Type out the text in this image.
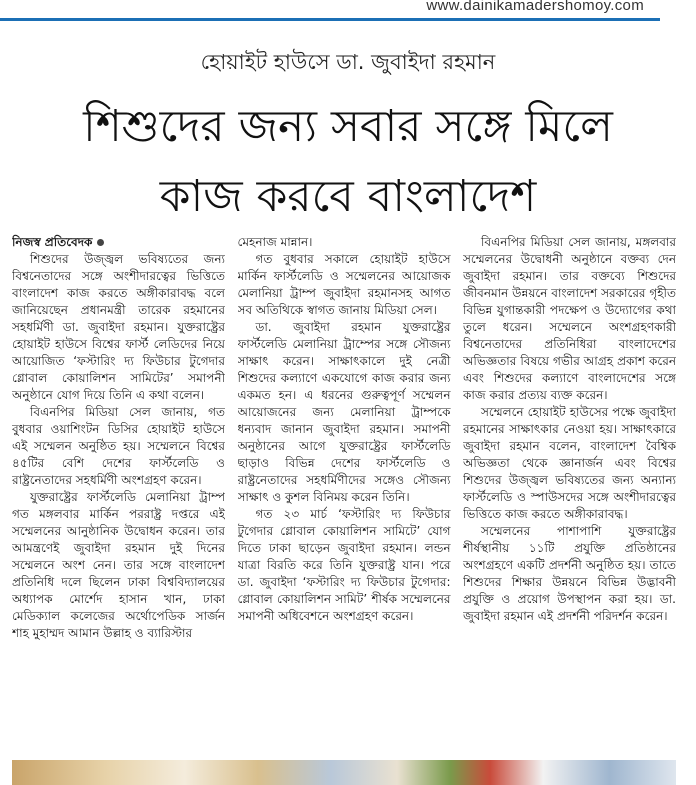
www.dainikamadershomoy.com
হোয়াইট হাউসে ডা. জুবাইদা রহমান
শিশুদের জন্য সবার সঙ্গে মিলে
কাজ করবে বাংলাদেশ
নিজস্ব প্রতিবেদক

শিশুদের উজ্জ্বল ভবিষ্যতের জন্য বিশ্বনেতাদের সঙ্গে অংশীদারত্বের ভিত্তিতে বাংলাদেশ কাজ করতে অঙ্গীকারাবদ্ধ বলে জানিয়েছেন প্রধানমন্ত্রী তারেক রহমানের সহধর্মিণী ডা. জুবাইদা রহমান। যুক্তরাষ্ট্রের হোয়াইট হাউসে বিশ্বের ফার্স্ট লেডিদের নিয়ে আয়োজিত ‘ফস্টারিং দ্য ফিউচার টুগেদার গ্লোবাল কোয়ালিশন সামিটের’ সমাপনী অনুষ্ঠানে যোগ দিয়ে তিনি এ কথা বলেন।

বিএনপির মিডিয়া সেল জানায়, গত বুধবার ওয়াশিংটন ডিসির হোয়াইট হাউসে এই সম্মেলন অনুষ্ঠিত হয়। সম্মেলনে বিশ্বের ৪৫টির বেশি দেশের ফার্স্টলেডি ও রাষ্ট্রনেতাদের সহধর্মিণী অংশগ্রহণ করেন।

যুক্তরাষ্ট্রের ফার্স্টলেডি মেলানিয়া ট্রাম্প গত মঙ্গলবার মার্কিন পররাষ্ট্র দপ্তরে এই সম্মেলনের আনুষ্ঠানিক উদ্বোধন করেন। তার আমন্ত্রণেই জুবাইদা রহমান দুই দিনের সম্মেলনে অংশ নেন। তার সঙ্গে বাংলাদেশ প্রতিনিধি দলে ছিলেন ঢাকা বিশ্ববিদ্যালয়ের অধ্যাপক মোর্শেদ হাসান খান, ঢাকা মেডিক্যাল কলেজের অর্থোপেডিক সার্জন শাহ মুহাম্মদ আমান উল্লাহ ও ব্যারিস্টার

মেহনাজ মান্নান।

গত বুধবার সকালে হোয়াইট হাউসে মার্কিন ফার্স্টলেডি ও সম্মেলনের আয়োজক মেলানিয়া ট্রাম্প জুবাইদা রহমানসহ আগত সব অতিথিকে স্বাগত জানায় মিডিয়া সেল।

ডা. জুবাইদা রহমান যুক্তরাষ্ট্রের ফার্স্টলেডি মেলানিয়া ট্রাম্পের সঙ্গে সৌজন্য সাক্ষাৎ করেন। সাক্ষাৎকালে দুই নেত্রী শিশুদের কল্যাণে একযোগে কাজ করার জন্য একমত হন। এ ধরনের গুরুত্বপূর্ণ সম্মেলন আয়োজনের জন্য মেলানিয়া ট্রাম্পকে ধন্যবাদ জানান জুবাইদা রহমান। সমাপনী অনুষ্ঠানের আগে যুক্তরাষ্ট্রের ফার্স্টলেডি ছাড়াও বিভিন্ন দেশের ফার্স্টলেডি ও রাষ্ট্রনেতাদের সহধর্মিণীদের সঙ্গেও সৌজন্য সাক্ষাৎ ও কুশল বিনিময় করেন তিনি।

গত ২৩ মার্চ ‘ফস্টারিং দ্য ফিউচার টুগেদার গ্লোবাল কোয়ালিশন সামিটে’ যোগ দিতে ঢাকা ছাড়েন জুবাইদা রহমান। লন্ডন যাত্রা বিরতি করে তিনি যুক্তরাষ্ট্র যান। পরে ডা. জুবাইদা ‘ফস্টারিং দ্য ফিউচার টুগেদার: গ্লোবাল কোয়ালিশন সামিট’ শীর্ষক সম্মেলনের সমাপনী অধিবেশনে অংশগ্রহণ করেন।

বিএনপির মিডিয়া সেল জানায়, মঙ্গলবার সম্মেলনের উদ্বোধনী অনুষ্ঠানে বক্তব্য দেন জুবাইদা রহমান। তার বক্তব্যে শিশুদের জীবনমান উন্নয়নে বাংলাদেশ সরকারের গৃহীত বিভিন্ন যুগান্তকারী পদক্ষেপ ও উদ্যোগের কথা তুলে ধরেন। সম্মেলনে অংশগ্রহণকারী বিশ্বনেতাদের প্রতিনিধিরা বাংলাদেশের অভিজ্ঞতার বিষয়ে গভীর আগ্রহ প্রকাশ করেন এবং শিশুদের কল্যাণে বাংলাদেশের সঙ্গে কাজ করার প্রত্যয় ব্যক্ত করেন।

সম্মেলনে হোয়াইট হাউসের পক্ষে জুবাইদা রহমানের সাক্ষাৎকার নেওয়া হয়। সাক্ষাৎকারে জুবাইদা রহমান বলেন, বাংলাদেশ বৈশ্বিক অভিজ্ঞতা থেকে জ্ঞানার্জন এবং বিশ্বের শিশুদের উজ্জ্বল ভবিষ্যতের জন্য অন্যান্য ফার্স্টলেডি ও স্পাউসদের সঙ্গে অংশীদারত্বের ভিত্তিতে কাজ করতে অঙ্গীকারাবদ্ধ।

সম্মেলনের পাশাপাশি যুক্তরাষ্ট্রের শীর্ষস্থানীয় ১১টি প্রযুক্তি প্রতিষ্ঠানের অংশগ্রহণে একটি প্রদর্শনী অনুষ্ঠিত হয়। তাতে শিশুদের শিক্ষার উন্নয়নে বিভিন্ন উদ্ভাবনী প্রযুক্তি ও প্রয়োগ উপস্থাপন করা হয়। ডা. জুবাইদা রহমান এই প্রদর্শনী পরিদর্শন করেন।
